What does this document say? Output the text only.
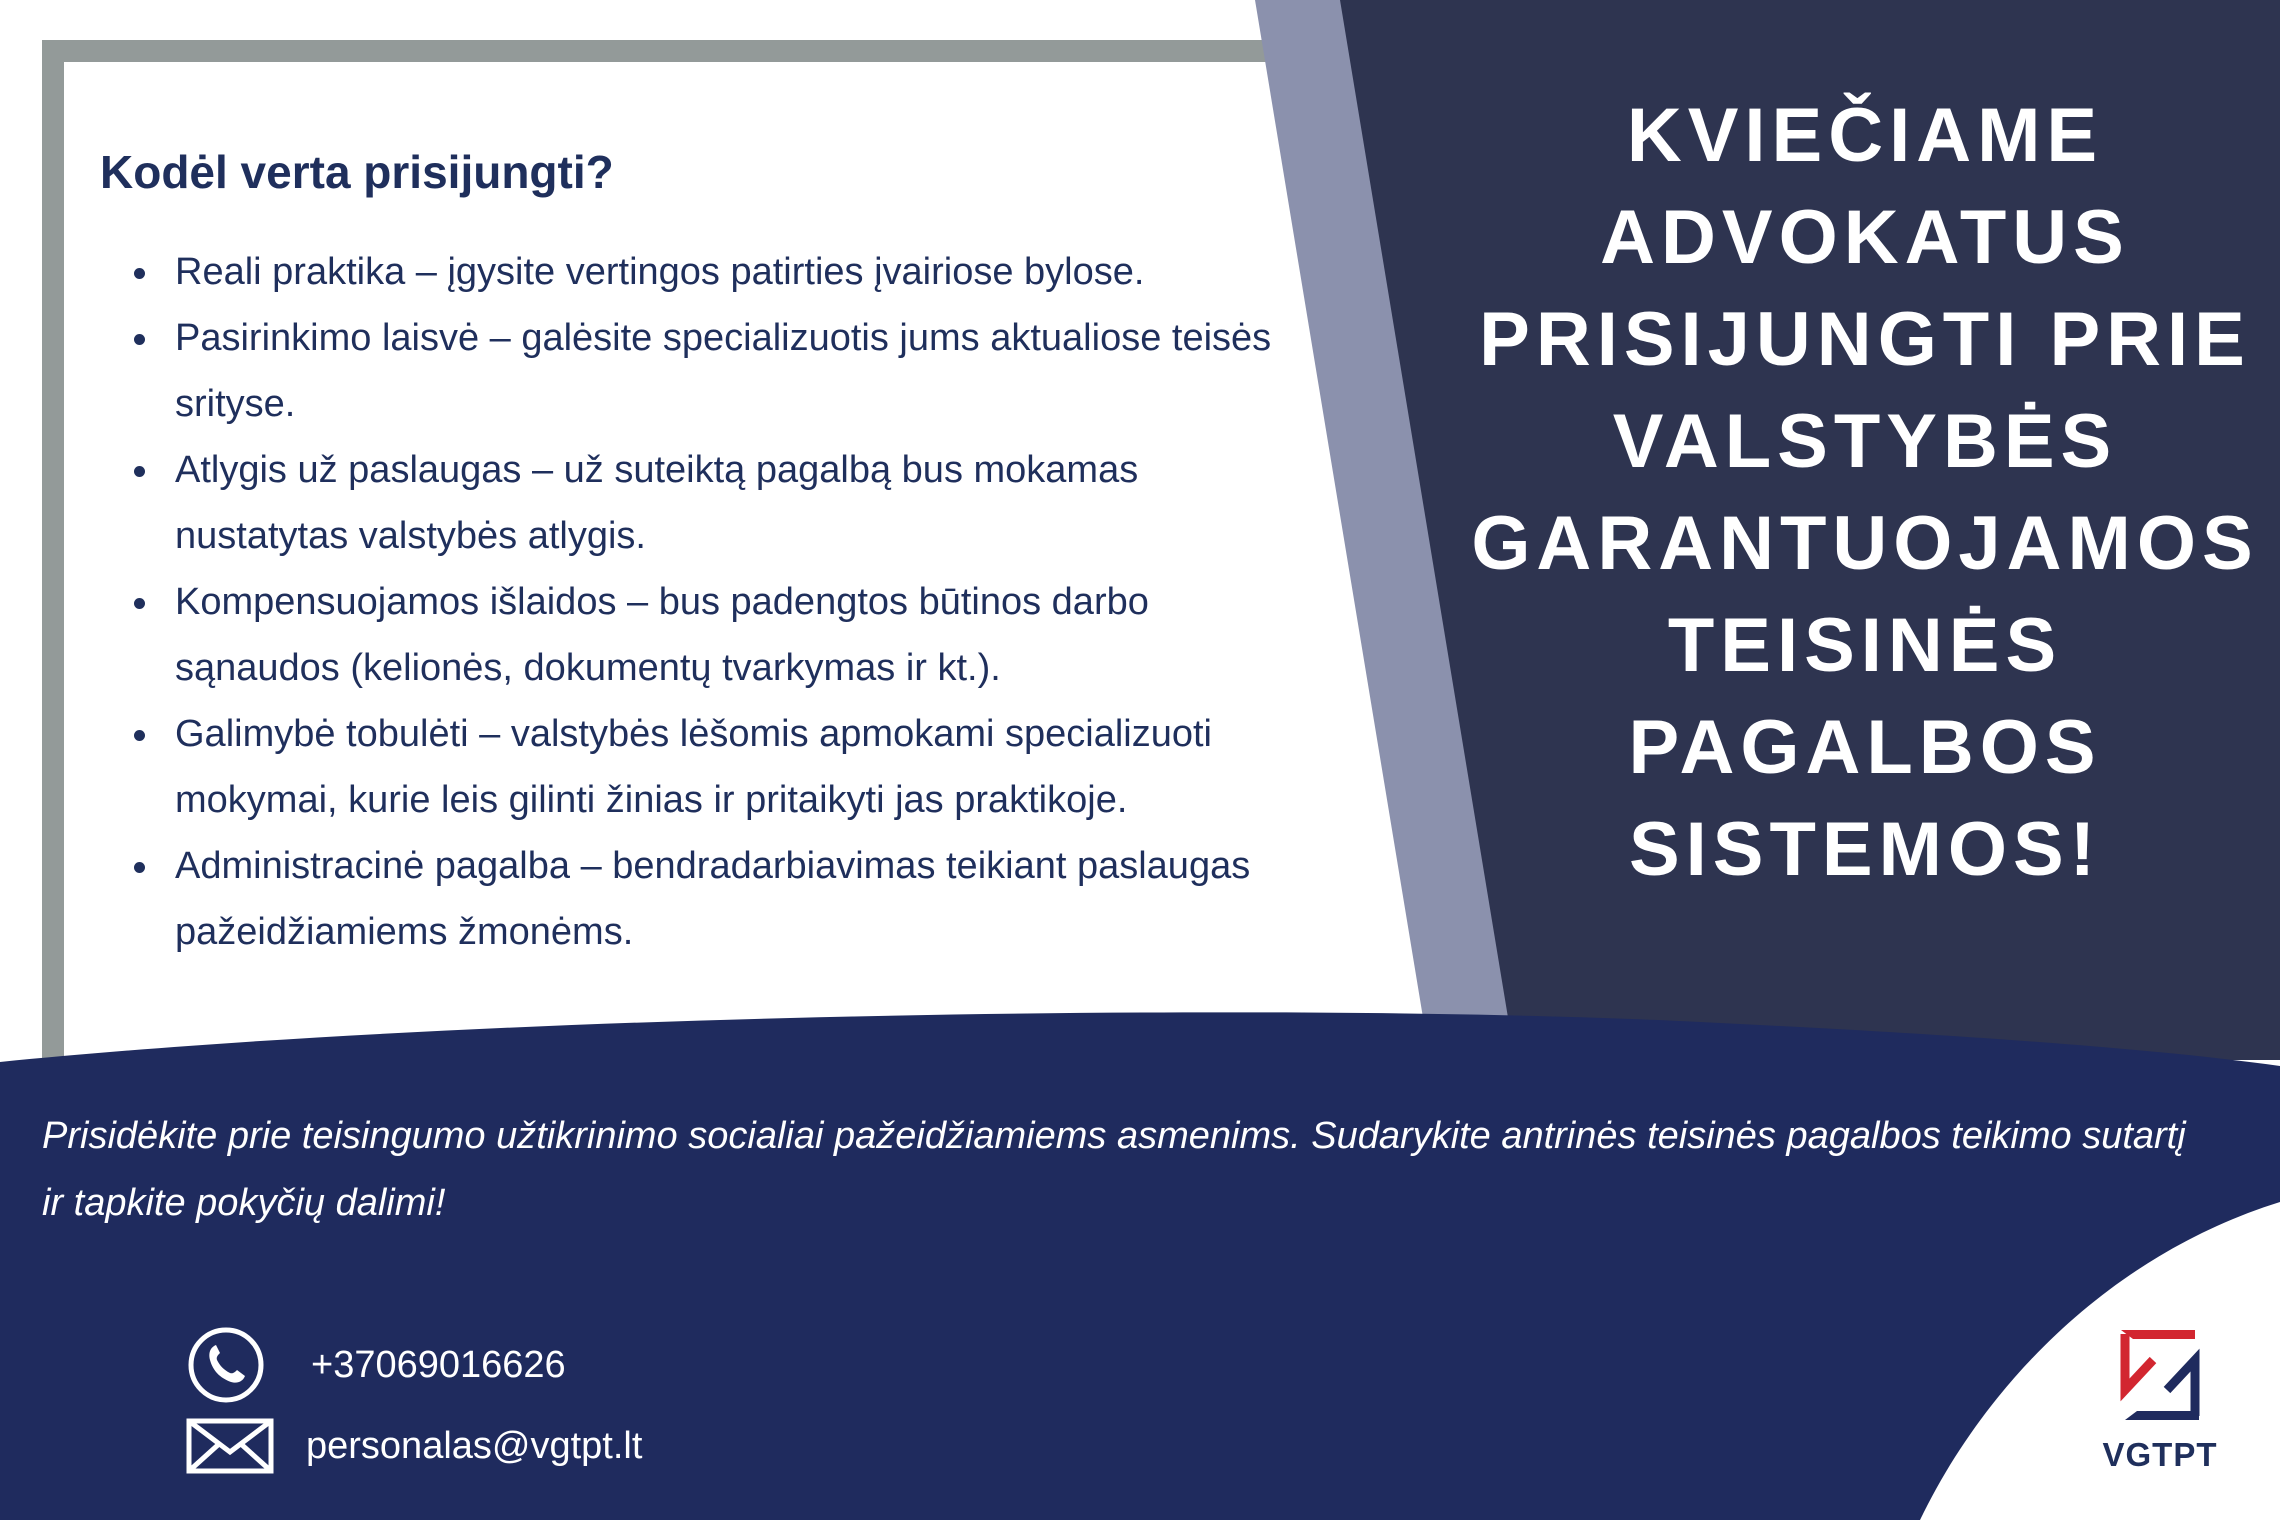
Kodėl verta prisijungti?
Reali praktika – įgysite vertingos patirties įvairiose bylose.
Pasirinkimo laisvė – galėsite specializuotis jums aktualiose teisės srityse.
Atlygis už paslaugas – už suteiktą pagalbą bus mokamas nustatytas valstybės atlygis.
Kompensuojamos išlaidos – bus padengtos būtinos darbo sąnaudos (kelionės, dokumentų tvarkymas ir kt.).
Galimybė tobulėti – valstybės lėšomis apmokami specializuoti mokymai, kurie leis gilinti žinias ir pritaikyti jas praktikoje.
Administracinė pagalba – bendradarbiavimas teikiant paslaugas pažeidžiamiems žmonėms.
KVIEČIAME
ADVOKATUS
PRISIJUNGTI PRIE
VALSTYBĖS
GARANTUOJAMOS
TEISINĖS
PAGALBOS
SISTEMOS!

Prisidėkite prie teisingumo užtikrinimo socialiai pažeidžiamiems asmenims. Sudarykite antrinės teisinės pagalbos teikimo sutartį ir tapkite pokyčių dalimi!

+37069016626
personalas@vgtpt.lt	VGTPT
